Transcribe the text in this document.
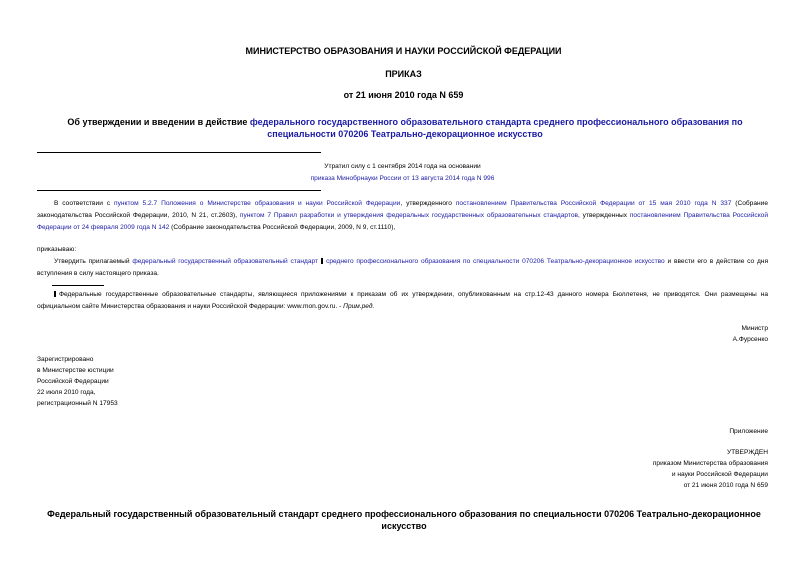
МИНИСТЕРСТВО ОБРАЗОВАНИЯ И НАУКИ РОССИЙСКОЙ ФЕДЕРАЦИИ
ПРИКАЗ
от 21 июня 2010 года N 659
Об утверждении и введении в действие федерального государственного образовательного стандарта среднего профессионального образования по специальности 070206 Театрально-декорационное искусство
Утратил силу с 1 сентября 2014 года на основании
приказа Минобрнауки России от 13 августа 2014 года N 996
В соответствии с пунктом 5.2.7 Положения о Министерстве образования и науки Российской Федерации, утвержденного постановлением Правительства Российской Федерации от 15 мая 2010 года N 337 (Собрание законодательства Российской Федерации, 2010, N 21, ст.2603), пунктом 7 Правил разработки и утверждения федеральных государственных образовательных стандартов, утвержденных постановлением Правительства Российской Федерации от 24 февраля 2009 года N 142 (Собрание законодательства Российской Федерации, 2009, N 9, ст.1110),
приказываю:
Утвердить прилагаемый федеральный государственный образовательный стандарт среднего профессионального образования по специальности 070206 Театрально-декорационное искусство и ввести его в действие со дня вступления в силу настоящего приказа.
Федеральные государственные образовательные стандарты, являющиеся приложениями к приказам об их утверждении, опубликованным на стр.12-43 данного номера Бюллетеня, не приводятся. Они размещены на официальном сайте Министерства образования и науки Российской Федерации: www.mon.gov.ru. - Прим.ред.
Министр
А.Фурсенко
Зарегистрировано
в Министерстве юстиции
Российской Федерации
22 июля 2010 года,
регистрационный N 17953
Приложение
УТВЕРЖДЕН
приказом Министерства образования
и науки Российской Федерации
от 21 июня 2010 года N 659
Федеральный государственный образовательный стандарт среднего профессионального образования по специальности 070206 Театрально-декорационное искусство
